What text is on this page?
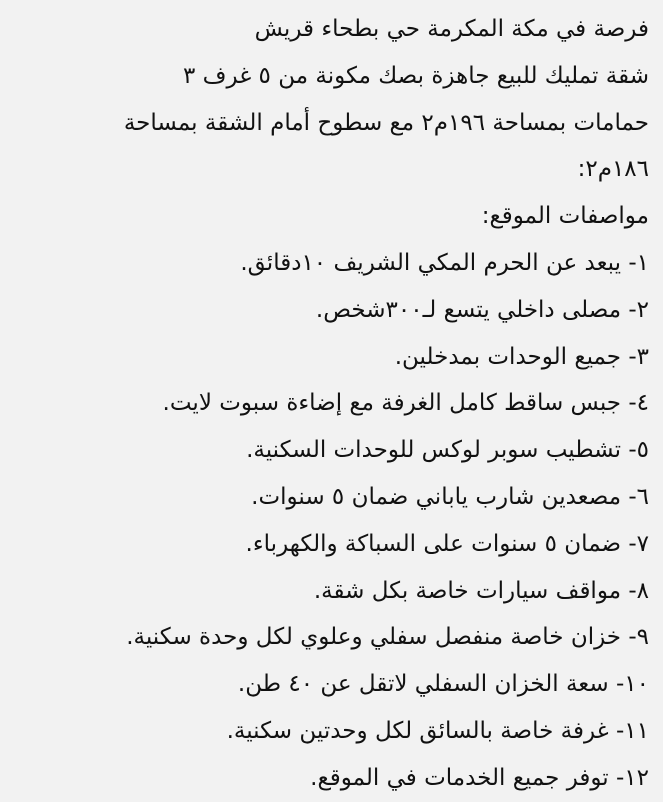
فرصة في مكة المكرمة حي بطحاء قريش
شقة تمليك للبيع جاهزة بصك مكونة من ٥ غرف ٣
حمامات بمساحة ١٩٦م٢ مع سطوح أمام الشقة بمساحة
١٨٦م٢:
مواصفات الموقع:
١- يبعد عن الحرم المكي الشريف ١٠دقائق.
٢- مصلى داخلي يتسع لـ٣٠٠شخص.
٣- جميع الوحدات بمدخلين.
٤- جبس ساقط كامل الغرفة مع إضاءة سبوت لايت.
٥- تشطيب سوبر لوكس للوحدات السكنية.
٦- مصعدين شارب ياباني ضمان ٥ سنوات.
٧- ضمان ٥ سنوات على السباكة والكهرباء.
٨- مواقف سيارات خاصة بكل شقة.
٩- خزان خاصة منفصل سفلي وعلوي لكل وحدة سكنية.
١٠- سعة الخزان السفلي لاتقل عن ٤٠ طن.
١١- غرفة خاصة بالسائق لكل وحدتين سكنية.
١٢- توفر جميع الخدمات في الموقع.
